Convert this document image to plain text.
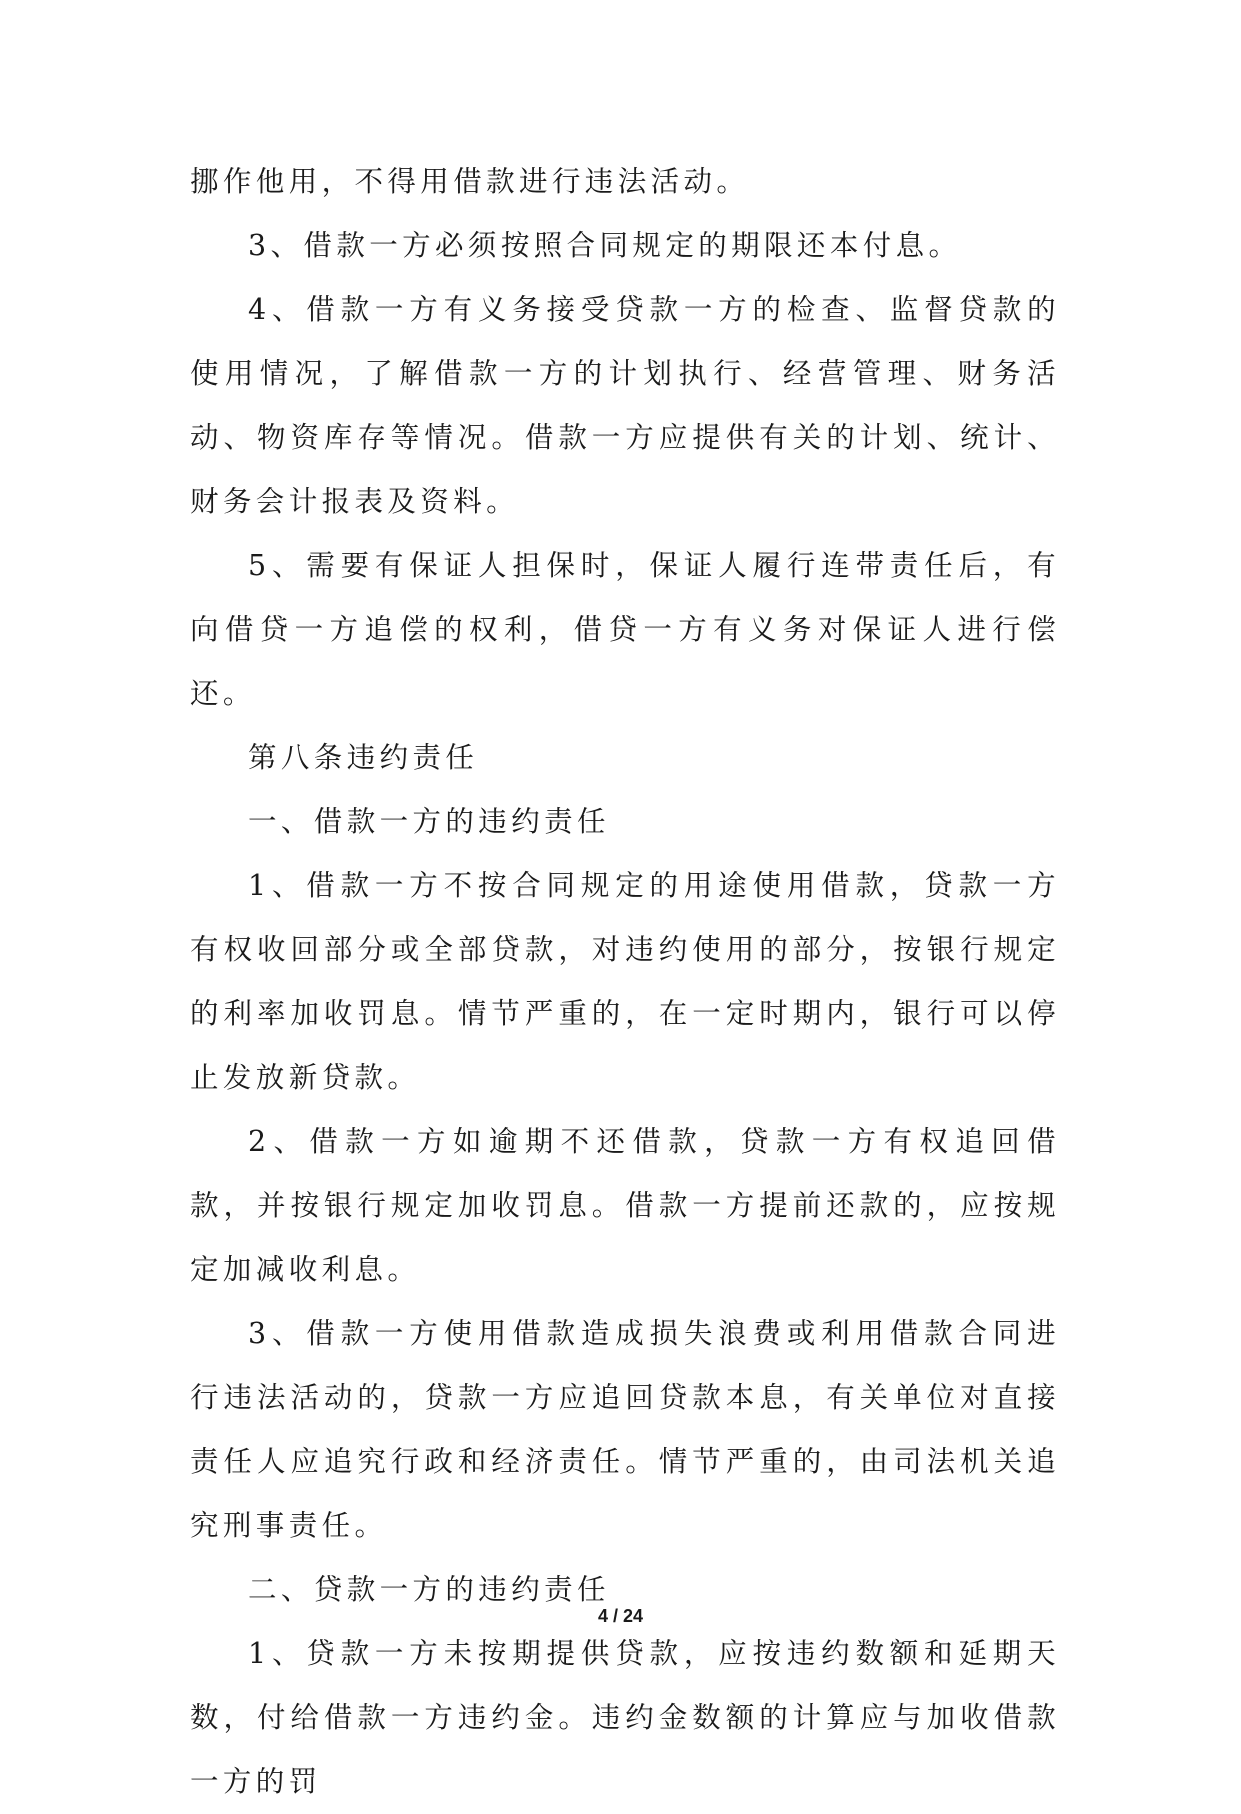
挪作他用，不得用借款进行违法活动。

3、借款一方必须按照合同规定的期限还本付息。

4、借款一方有义务接受贷款一方的检查、监督贷款的使用情况，了解借款一方的计划执行、经营管理、财务活动、物资库存等情况。借款一方应提供有关的计划、统计、财务会计报表及资料。

5、需要有保证人担保时，保证人履行连带责任后，有向借贷一方追偿的权利，借贷一方有义务对保证人进行偿还。

第八条违约责任

一、借款一方的违约责任

1、借款一方不按合同规定的用途使用借款，贷款一方有权收回部分或全部贷款，对违约使用的部分，按银行规定的利率加收罚息。情节严重的，在一定时期内，银行可以停止发放新贷款。

2、借款一方如逾期不还借款，贷款一方有权追回借款，并按银行规定加收罚息。借款一方提前还款的，应按规定加减收利息。

3、借款一方使用借款造成损失浪费或利用借款合同进行违法活动的，贷款一方应追回贷款本息，有关单位对直接责任人应追究行政和经济责任。情节严重的，由司法机关追究刑事责任。

二、贷款一方的违约责任

1、贷款一方未按期提供贷款，应按违约数额和延期天数，付给借款一方违约金。违约金数额的计算应与加收借款一方的罚

4 / 24
